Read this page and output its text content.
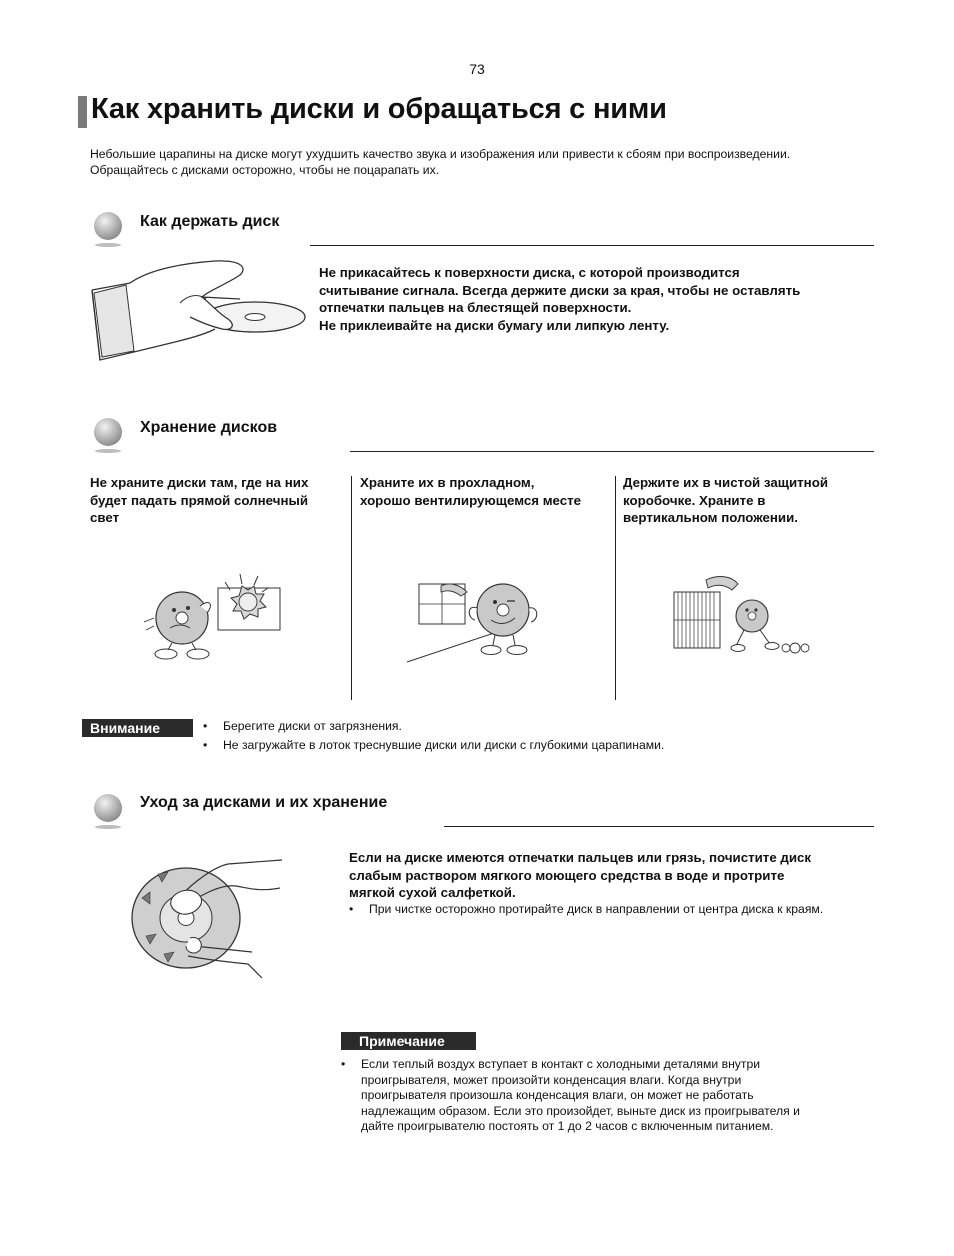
73
Как хранить диски и обращаться с ними
Небольшие царапины на диске могут ухудшить качество звука и изображения или привести к сбоям при воспроизведении.
Обращайтесь с дисками осторожно, чтобы не поцарапать их.
Как держать диск
Не прикасайтесь к поверхности диска, с которой производится
считывание сигнала. Всегда держите диски за края, чтобы не оставлять
отпечатки пальцев на блестящей поверхности.
Не приклеивайте на диски бумагу или липкую ленту.
Хранение дисков
Не храните диски там, где на них
будет падать прямой солнечный
свет
Храните их в прохладном,
хорошо вентилирующемся месте
Держите их в чистой защитной
коробочке. Храните в
вертикальном положении.
Внимание
•	Берегите диски от загрязнения.
• Не загружайте в лоток треснувшие диски или диски с глубокими царапинами.
Уход за дисками и их хранение
Если на диске имеются отпечатки пальцев или грязь, почистите диск
слабым раствором мягкого моющего средства в воде и протрите
мягкой сухой салфеткой.
• При чистке осторожно протирайте диск в направлении от центра диска к краям.
Примечание
• Если теплый воздух вступает в контакт с холодными деталями внутри
проигрывателя, может произойти конденсация влаги. Когда внутри
проигрывателя произошла конденсация влаги, он может не работать
надлежащим образом. Если это произойдет, выньте диск из проигрывателя и
дайте проигрывателю постоять от 1 до 2 часов с включенным питанием.
